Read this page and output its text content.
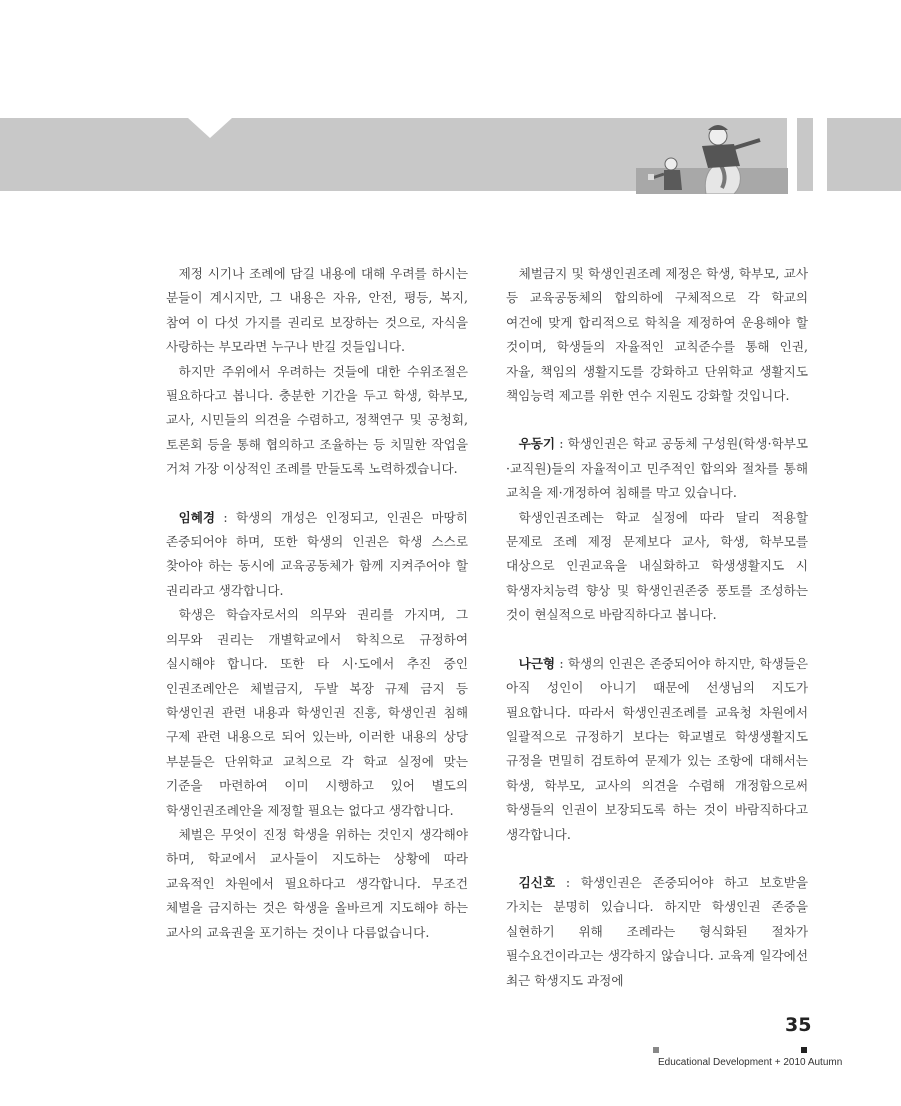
제정 시기나 조례에 담길 내용에 대해 우려를 하시는 분들이 계시지만, 그 내용은 자유, 안전, 평등, 복지, 참여 이 다섯 가지를 권리로 보장하는 것으로, 자식을 사랑하는 부모라면 누구나 반길 것들입니다.

하지만 주위에서 우려하는 것들에 대한 수위조절은 필요하다고 봅니다. 충분한 기간을 두고 학생, 학부모, 교사, 시민들의 의견을 수렴하고, 정책연구 및 공청회, 토론회 등을 통해 협의하고 조율하는 등 치밀한 작업을 거쳐 가장 이상적인 조례를 만들도록 노력하겠습니다.

임혜경 : 학생의 개성은 인정되고, 인권은 마땅히 존중되어야 하며, 또한 학생의 인권은 학생 스스로 찾아야 하는 동시에 교육공동체가 함께 지켜주어야 할 권리라고 생각합니다.

학생은 학습자로서의 의무와 권리를 가지며, 그 의무와 권리는 개별학교에서 학칙으로 규정하여 실시해야 합니다. 또한 타 시·도에서 추진 중인 인권조례안은 체벌금지, 두발 복장 규제 금지 등 학생인권 관련 내용과 학생인권 진흥, 학생인권 침해 구제 관련 내용으로 되어 있는바, 이러한 내용의 상당 부분들은 단위학교 교칙으로 각 학교 실정에 맞는 기준을 마련하여 이미 시행하고 있어 별도의 학생인권조례안을 제정할 필요는 없다고 생각합니다.

체벌은 무엇이 진정 학생을 위하는 것인지 생각해야 하며, 학교에서 교사들이 지도하는 상황에 따라 교육적인 차원에서 필요하다고 생각합니다. 무조건 체벌을 금지하는 것은 학생을 올바르게 지도해야 하는 교사의 교육권을 포기하는 것이나 다름없습니다.

체벌금지 및 학생인권조례 제정은 학생, 학부모, 교사 등 교육공동체의 합의하에 구체적으로 각 학교의 여건에 맞게 합리적으로 학칙을 제정하여 운용해야 할 것이며, 학생들의 자율적인 교칙준수를 통해 인권, 자율, 책임의 생활지도를 강화하고 단위학교 생활지도 책임능력 제고를 위한 연수 지원도 강화할 것입니다.

우동기 : 학생인권은 학교 공동체 구성원(학생·학부모·교직원)들의 자율적이고 민주적인 합의와 절차를 통해 교칙을 제·개정하여 침해를 막고 있습니다.

학생인권조례는 학교 실정에 따라 달리 적용할 문제로 조례 제정 문제보다 교사, 학생, 학부모를 대상으로 인권교육을 내실화하고 학생생활지도 시 학생자치능력 향상 및 학생인권존중 풍토를 조성하는 것이 현실적으로 바람직하다고 봅니다.

나근형 : 학생의 인권은 존중되어야 하지만, 학생들은 아직 성인이 아니기 때문에 선생님의 지도가 필요합니다. 따라서 학생인권조례를 교육청 차원에서 일괄적으로 규정하기 보다는 학교별로 학생생활지도 규정을 면밀히 검토하여 문제가 있는 조항에 대해서는 학생, 학부모, 교사의 의견을 수렴해 개정함으로써 학생들의 인권이 보장되도록 하는 것이 바람직하다고 생각합니다.

김신호 : 학생인권은 존중되어야 하고 보호받을 가치는 분명히 있습니다. 하지만 학생인권 존중을 실현하기 위해 조례라는 형식화된 절차가 필수요건이라고는 생각하지 않습니다. 교육계 일각에선 최근 학생지도 과정에

35
Educational Development + 2010 Autumn
